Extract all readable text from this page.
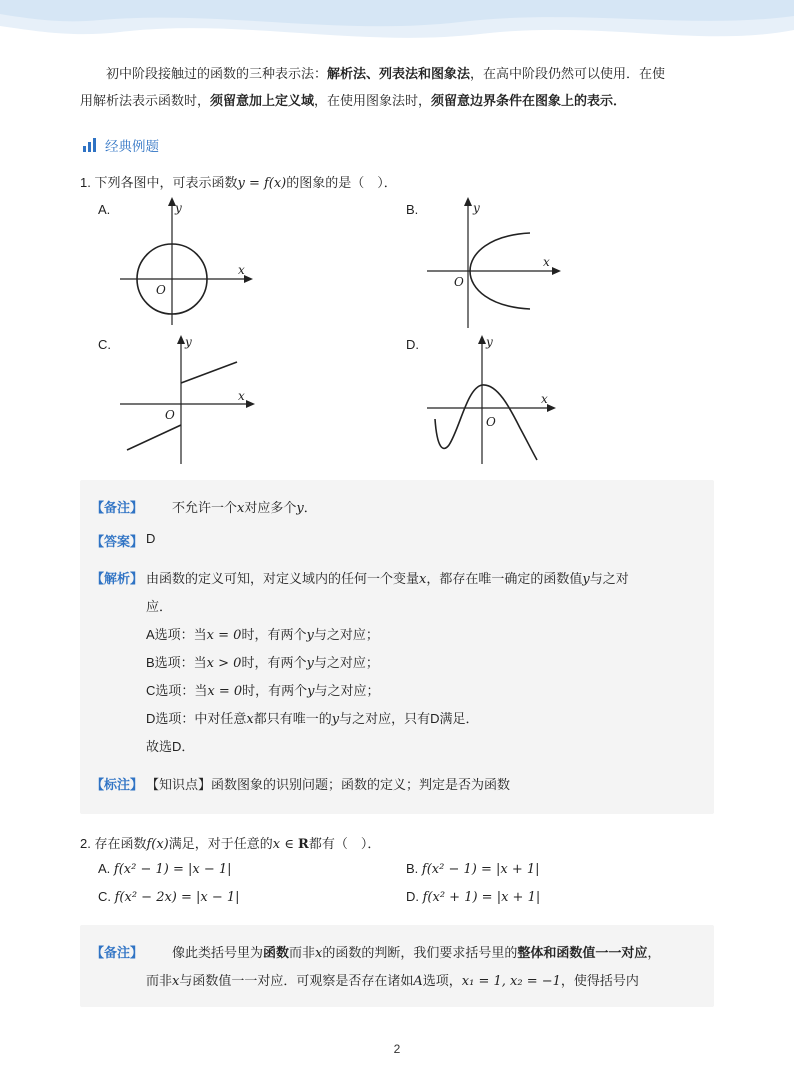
初中阶段接触过的函数的三种表示法：解析法、列表法和图象法，在高中阶段仍然可以使用．在使
用解析法表示函数时，须留意加上定义域，在使用图象法时，须留意边界条件在图象上的表示．
经典例题
1. 下列各图中，可表示函数y = f(x)的图象的是（　）．
A.	B.
C.	D.
x
y
O
x
y
O
x
y
O
x
y
O
【备注】 不允许一个x对应多个y．
【答案】 D
【解析】 由函数的定义可知，对定义域内的任何一个变量x，都存在唯一确定的函数值y与之对
应．
A选项：当x = 0时，有两个y与之对应；
B选项：当x > 0时，有两个y与之对应；
C选项：当x = 0时，有两个y与之对应；
D选项：中对任意x都只有唯一的y与之对应，只有D满足．
故选D．
【标注】 【知识点】函数图象的识别问题；函数的定义；判定是否为函数
2. 存在函数f(x)满足，对于任意的x ∈ R都有（　）．
A. f(x² − 1) = |x − 1|	B. f(x² − 1) = |x + 1|
C. f(x² − 2x) = |x − 1|	D. f(x² + 1) = |x + 1|
【备注】 像此类括号里为函数而非x的函数的判断，我们要求括号里的整体和函数值一一对应，
而非x与函数值一一对应．可观察是否存在诸如A选项，x₁ = 1, x₂ = −1，使得括号内
2
